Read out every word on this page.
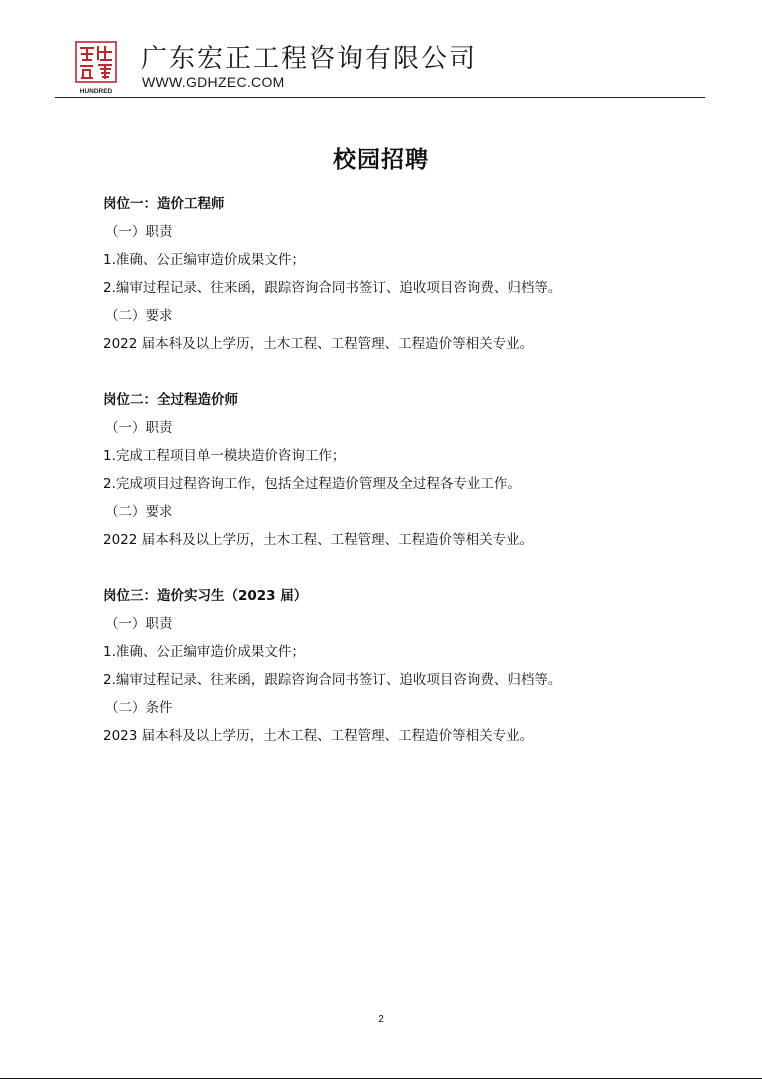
HUNDRED
广东宏正工程咨询有限公司
WWW.GDHZEC.COM
校园招聘
岗位一：造价工程师
（一）职责
1.准确、公正编审造价成果文件；
2.编审过程记录、往来函，跟踪咨询合同书签订、追收项目咨询费、归档等。
（二）要求
2022 届本科及以上学历，土木工程、工程管理、工程造价等相关专业。
岗位二：全过程造价师
（一）职责
1.完成工程项目单一模块造价咨询工作；
2.完成项目过程咨询工作，包括全过程造价管理及全过程各专业工作。
（二）要求
2022 届本科及以上学历，土木工程、工程管理、工程造价等相关专业。
岗位三：造价实习生（2023 届）
（一）职责
1.准确、公正编审造价成果文件；
2.编审过程记录、往来函，跟踪咨询合同书签订、追收项目咨询费、归档等。
（二）条件
2023 届本科及以上学历，土木工程、工程管理、工程造价等相关专业。
2
